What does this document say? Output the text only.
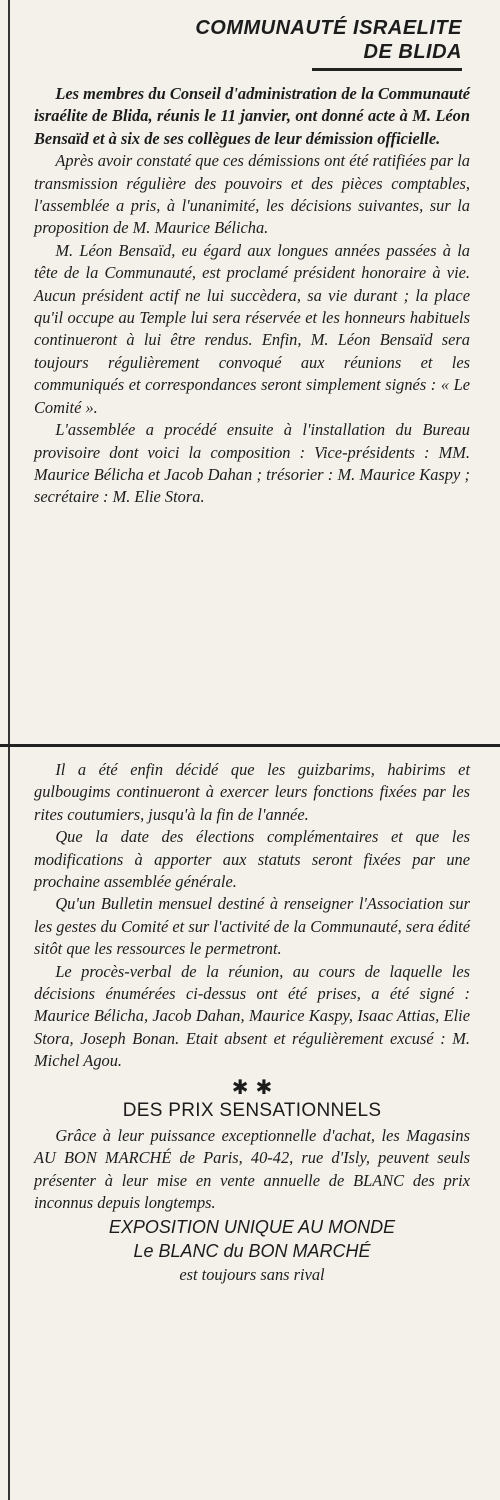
COMMUNAUTÉ ISRAELITE
DE BLIDA

Les membres du Conseil d'administration de la Communauté israélite de Blida, réunis le 11 janvier, ont donné acte à M. Léon Bensaïd et à six de ses collègues de leur démission officielle.

Après avoir constaté que ces démissions ont été ratifiées par la transmission régulière des pouvoirs et des pièces comptables, l'assemblée a pris, à l'unanimité, les décisions suivantes, sur la proposition de M. Maurice Bélicha.

M. Léon Bensaïd, eu égard aux longues années passées à la tête de la Communauté, est proclamé président honoraire à vie. Aucun président actif ne lui succèdera, sa vie durant ; la place qu'il occupe au Temple lui sera réservée et les honneurs habituels continueront à lui être rendus. Enfin, M. Léon Bensaïd sera toujours régulièrement convoqué aux réunions et les communiqués et correspondances seront simplement signés : « Le Comité ».

L'assemblée a procédé ensuite à l'installation du Bureau provisoire dont voici la composition : Vice-présidents : MM. Maurice Bélicha et Jacob Dahan ; trésorier : M. Maurice Kaspy ; secrétaire : M. Elie Stora.

Il a été enfin décidé que les guizbarims, habirims et gulbougims continueront à exercer leurs fonctions fixées par les rites coutumiers, jusqu'à la fin de l'année.

Que la date des élections complémentaires et que les modifications à apporter aux statuts seront fixées par une prochaine assemblée générale.

Qu'un Bulletin mensuel destiné à renseigner l'Association sur les gestes du Comité et sur l'activité de la Communauté, sera édité sitôt que les ressources le permetront.

Le procès-verbal de la réunion, au cours de laquelle les décisions énumérées ci-dessus ont été prises, a été signé : Maurice Bélicha, Jacob Dahan, Maurice Kaspy, Isaac Attias, Elie Stora, Joseph Bonan. Etait absent et régulièrement excusé : M. Michel Agou.

✱ ✱
DES PRIX SENSATIONNELS

Grâce à leur puissance exceptionnelle d'achat, les Magasins AU BON MARCHÉ de Paris, 40-42, rue d'Isly, peuvent seuls présenter à leur mise en vente annuelle de BLANC des prix inconnus depuis longtemps.

EXPOSITION UNIQUE AU MONDE
Le BLANC du BON MARCHÉ
est toujours sans rival
